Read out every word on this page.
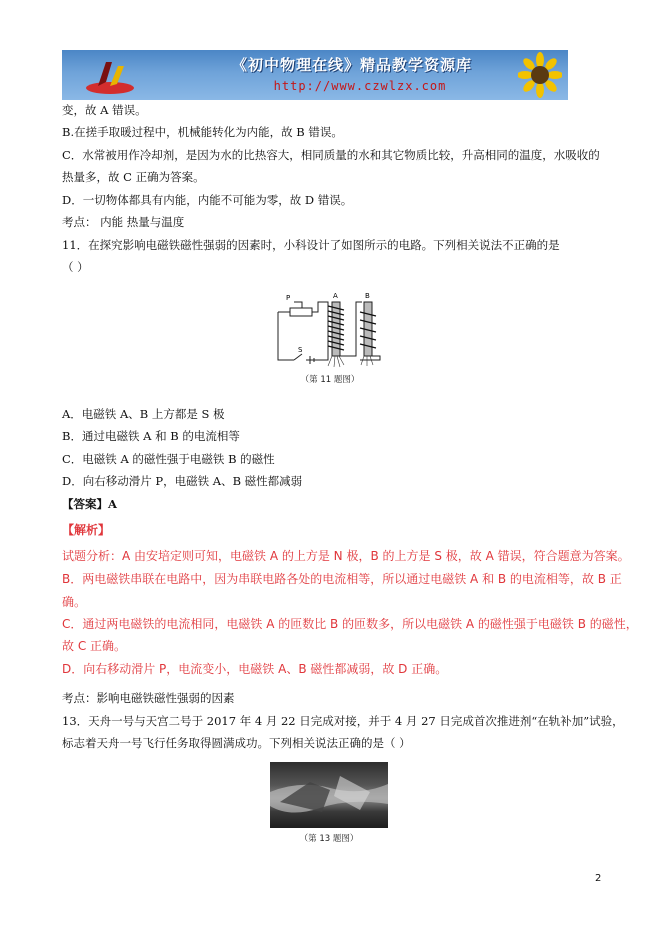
《初中物理在线》精品教学资源库
http://www.czwlzx.com
变，故 A 错误。
B.在搓手取暖过程中，机械能转化为内能，故 B 错误。
C．水常被用作冷却剂，是因为水的比热容大，相同质量的水和其它物质比较，升高相同的温度，水吸收的
热量多，故 C 正确为答案。
D．一切物体都具有内能，内能不可能为零，故 D 错误。
考点： 内能 热量与温度
11．在探究影响电磁铁磁性强弱的因素时，小科设计了如图所示的电路。下列相关说法不正确的是
（ ）
P	A	B
S
（第 11 题图）
A．电磁铁 A、B 上方都是 S 极
B．通过电磁铁 A 和 B 的电流相等
C．电磁铁 A 的磁性强于电磁铁 B 的磁性
D．向右移动滑片 P，电磁铁 A、B 磁性都减弱
【答案】A
【解析】
试题分析：A 由安培定则可知，电磁铁 A 的上方是 N 极，B 的上方是 S 极，故 A 错误，符合题意为答案。
B．两电磁铁串联在电路中，因为串联电路各处的电流相等，所以通过电磁铁 A 和 B 的电流相等，故 B 正
确。
C．通过两电磁铁的电流相同，电磁铁 A 的匝数比 B 的匝数多，所以电磁铁 A 的磁性强于电磁铁 B 的磁性，
故 C 正确。
D．向右移动滑片 P，电流变小，电磁铁 A、B 磁性都减弱，故 D 正确。
考点：影响电磁铁磁性强弱的因素
13．天舟一号与天宫二号于 2017 年 4 月 22 日完成对接，并于 4 月 27 日完成首次推进剂“在轨补加”试验，
标志着天舟一号飞行任务取得圆满成功。下列相关说法正确的是（ ）
（第 13 题图）
2
